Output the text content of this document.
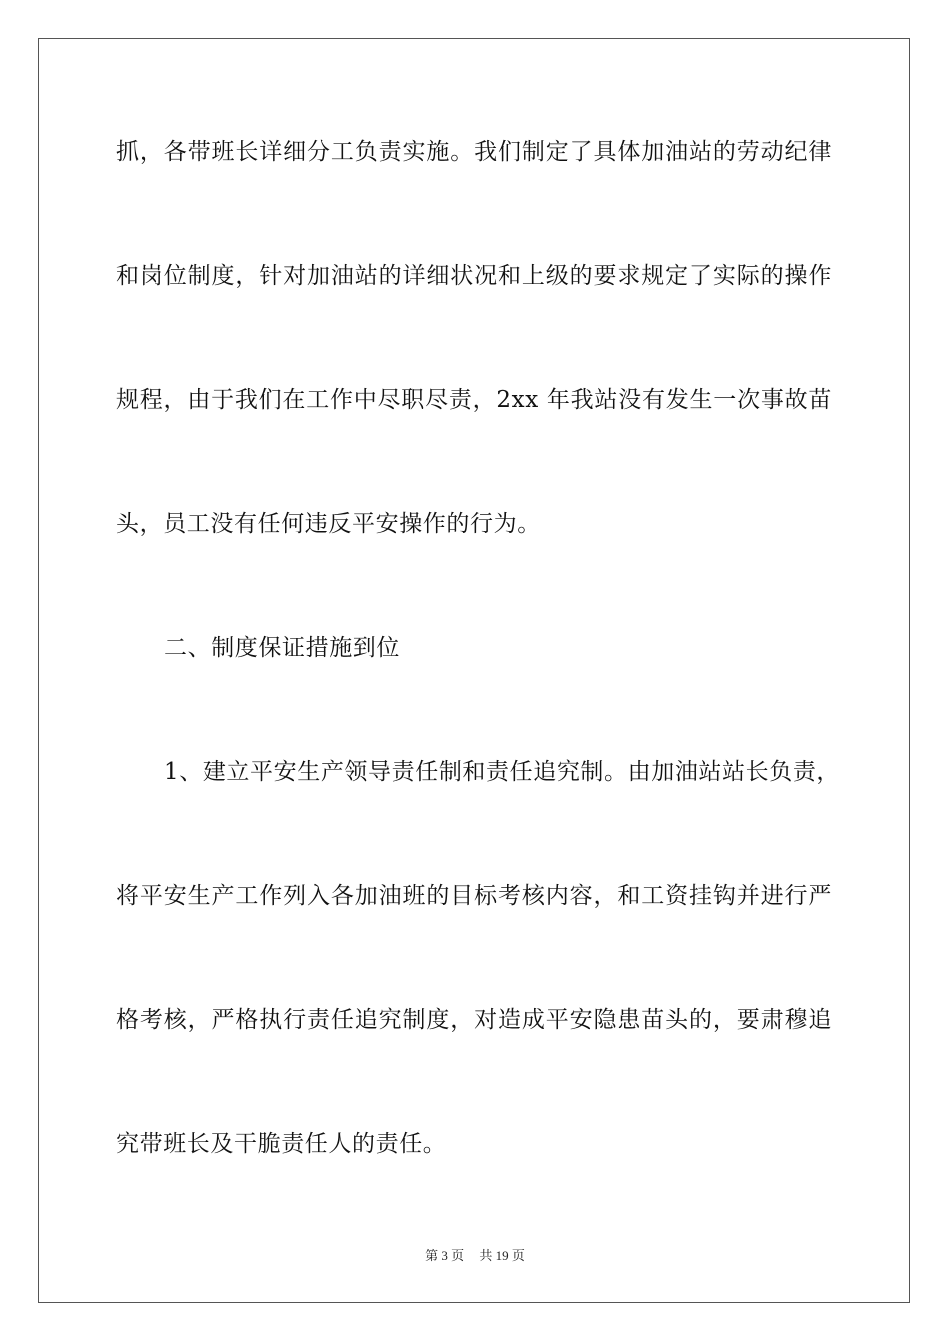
抓，各带班长详细分工负责实施。我们制定了具体加油站的劳动纪律
和岗位制度，针对加油站的详细状况和上级的要求规定了实际的操作
规程，由于我们在工作中尽职尽责，2xx 年我站没有发生一次事故苗
头，员工没有任何违反平安操作的行为。
二、制度保证措施到位
1、建立平安生产领导责任制和责任追究制。由加油站站长负责，
将平安生产工作列入各加油班的目标考核内容，和工资挂钩并进行严
格考核，严格执行责任追究制度，对造成平安隐患苗头的，要肃穆追
究带班长及干脆责任人的责任。
第 3 页 共 19 页
